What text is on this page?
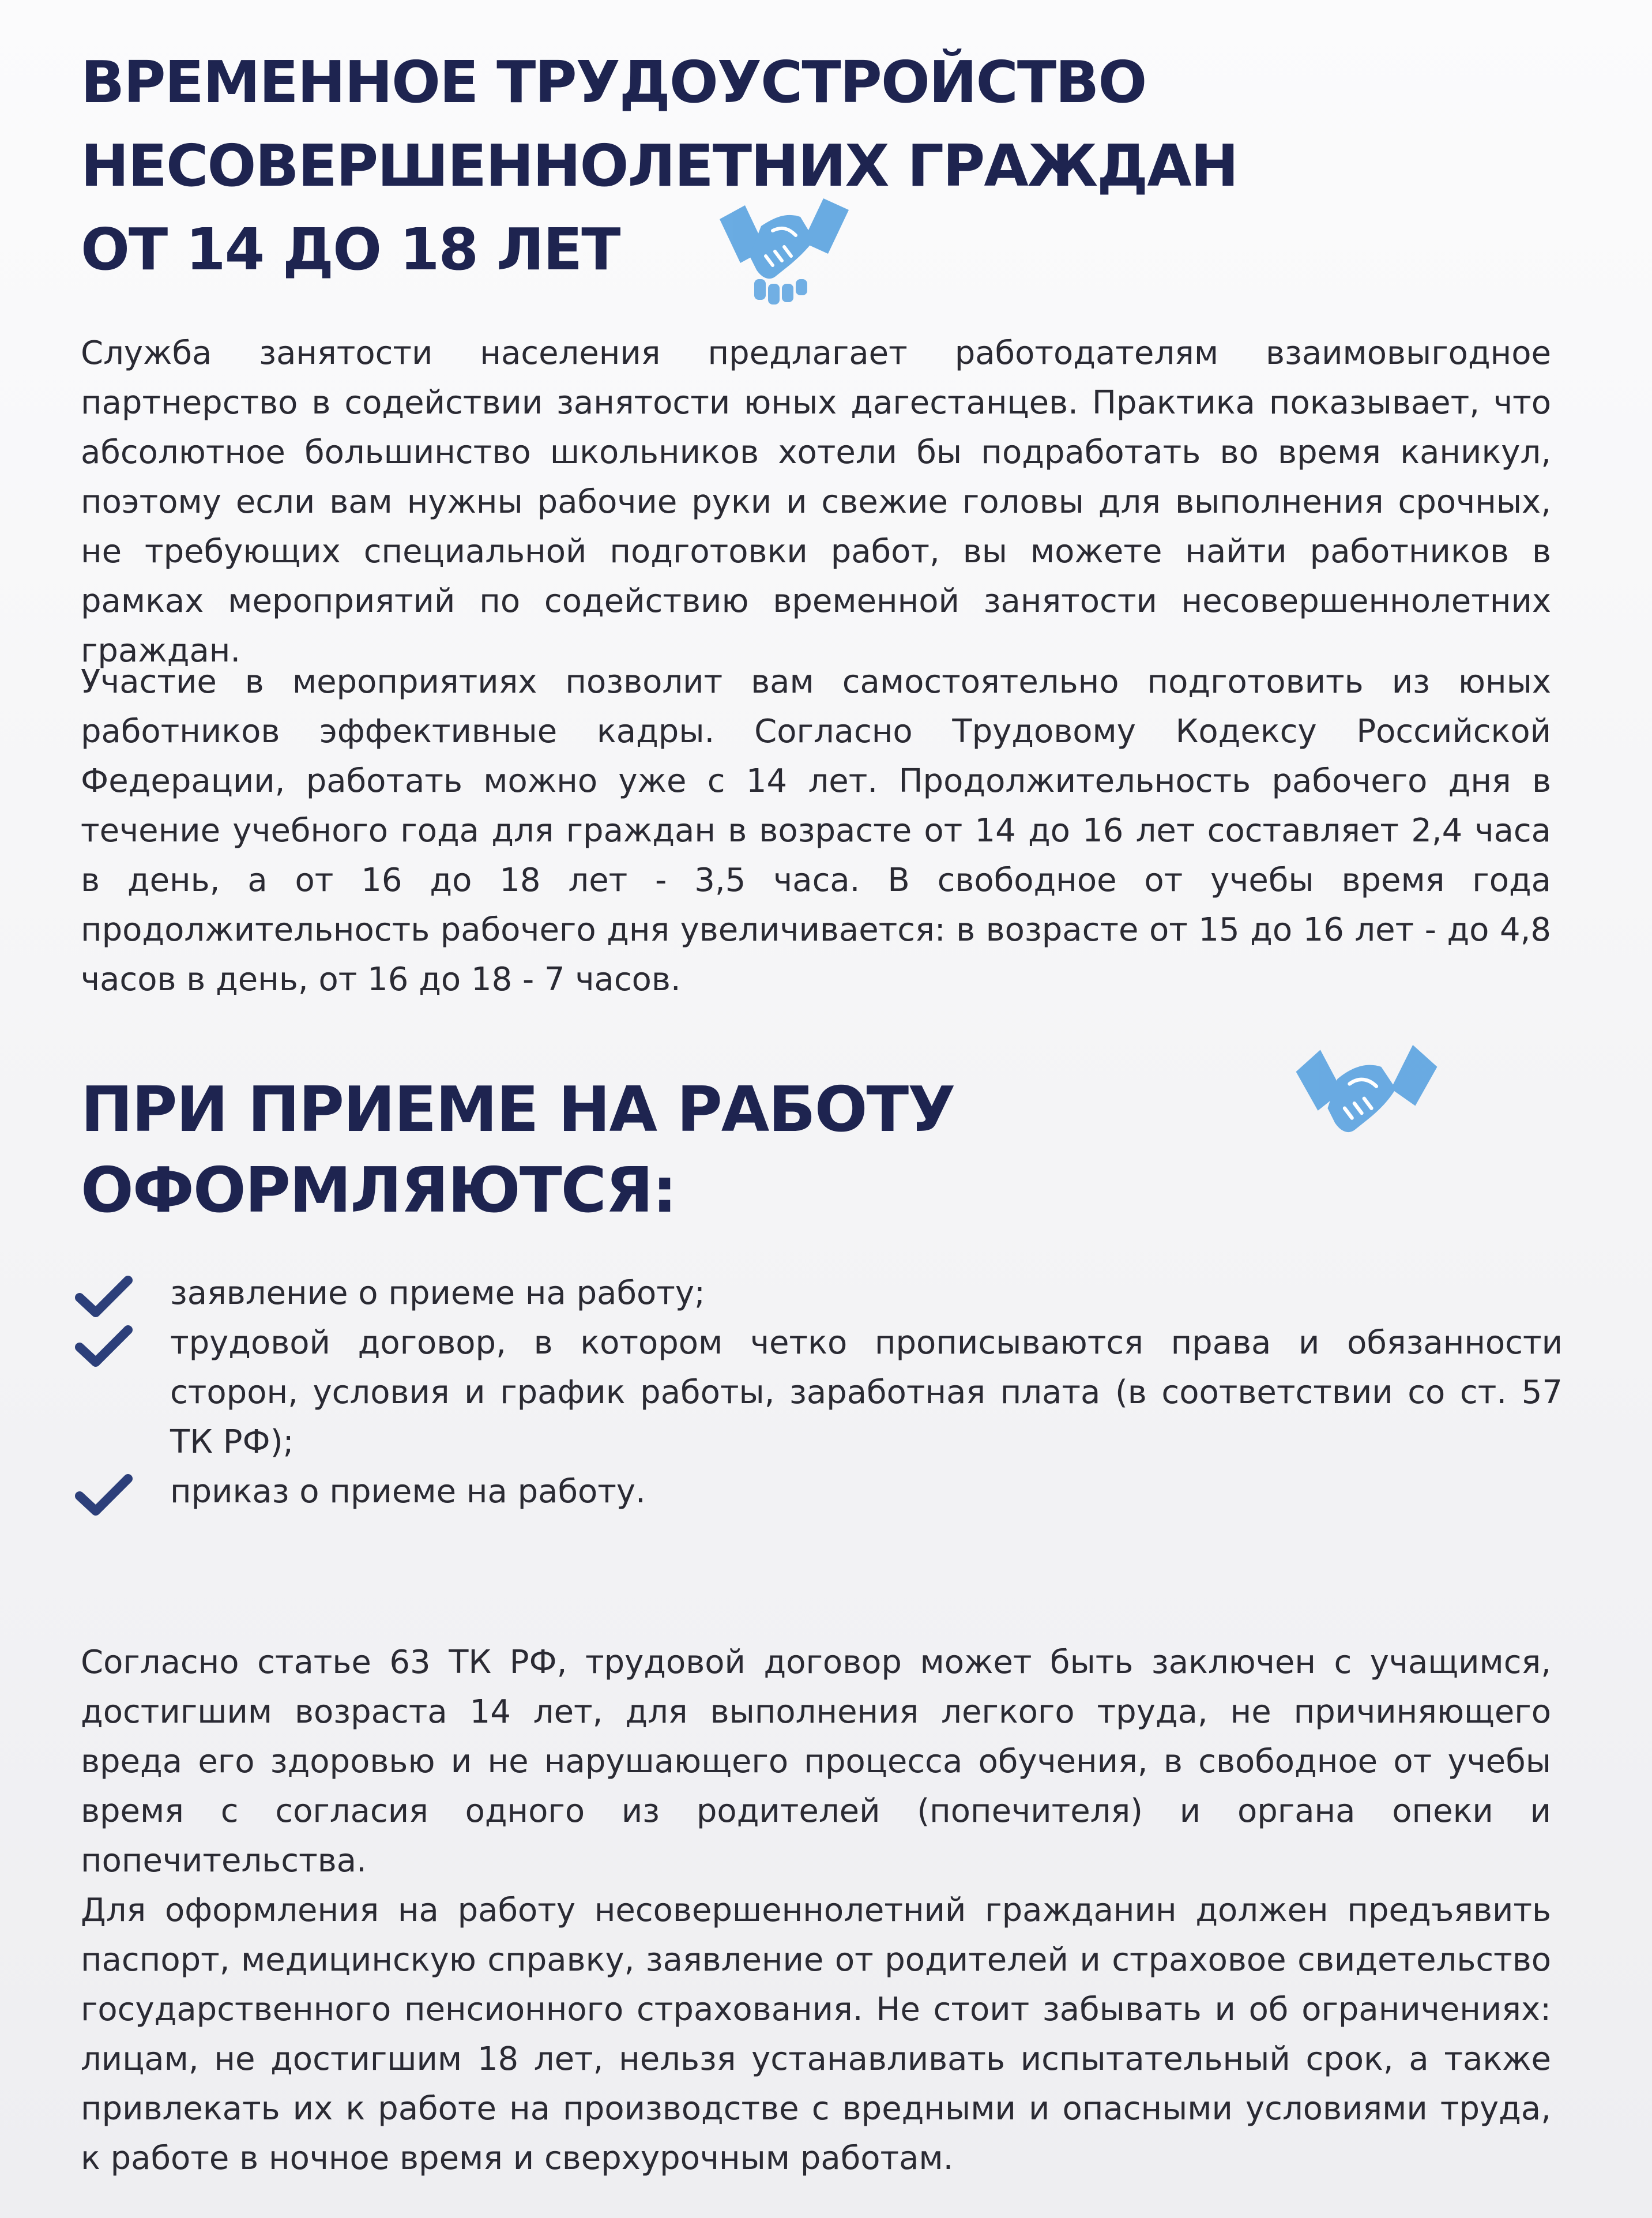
ВРЕМЕННОЕ ТРУДОУСТРОЙСТВО
НЕСОВЕРШЕННОЛЕТНИХ ГРАЖДАН
ОТ 14 ДО 18 ЛЕТ

Служба занятости населения предлагает работодателям взаимовыгодное партнерство в содействии занятости юных дагестанцев. Практика показывает, что абсолютное большинство школьников хотели бы подработать во время каникул, поэтому если вам нужны рабочие руки и свежие головы для выполнения срочных, не требующих специальной подготовки работ, вы можете найти работников в рамках мероприятий по содействию временной занятости несовершеннолетних граждан.

Участие в мероприятиях позволит вам самостоятельно подготовить из юных работников эффективные кадры. Согласно Трудовому Кодексу Российской Федерации, работать можно уже с 14 лет. Продолжительность рабочего дня в течение учебного года для граждан в возрасте от 14 до 16 лет составляет 2,4 часа в день, а от 16 до 18 лет - 3,5 часа. В свободное от учебы время года продолжительность рабочего дня увеличивается: в возрасте от 15 до 16 лет - до 4,8 часов в день, от 16 до 18 - 7 часов.

ПРИ ПРИЕМЕ НА РАБОТУ
ОФОРМЛЯЮТСЯ:
заявление о приеме на работу;
трудовой договор, в котором четко прописываются права и обязанности сторон, условия и график работы, заработная плата (в соответствии со ст. 57 ТК РФ);
приказ о приеме на работу.

Согласно статье 63 ТК РФ, трудовой договор может быть заключен с учащимся, достигшим возраста 14 лет, для выполнения легкого труда, не причиняющего вреда его здоровью и не нарушающего процесса обучения, в свободное от учебы время с согласия одного из родителей (попечителя) и органа опеки и попечительства.

Для оформления на работу несовершеннолетний гражданин должен предъявить паспорт, медицинскую справку, заявление от родителей и страховое свидетельство государственного пенсионного страхования. Не стоит забывать и об ограничениях: лицам, не достигшим 18 лет, нельзя устанавливать испытательный срок, а также привлекать их к работе на производстве с вредными и опасными условиями труда, к работе в ночное время и сверхурочным работам.
